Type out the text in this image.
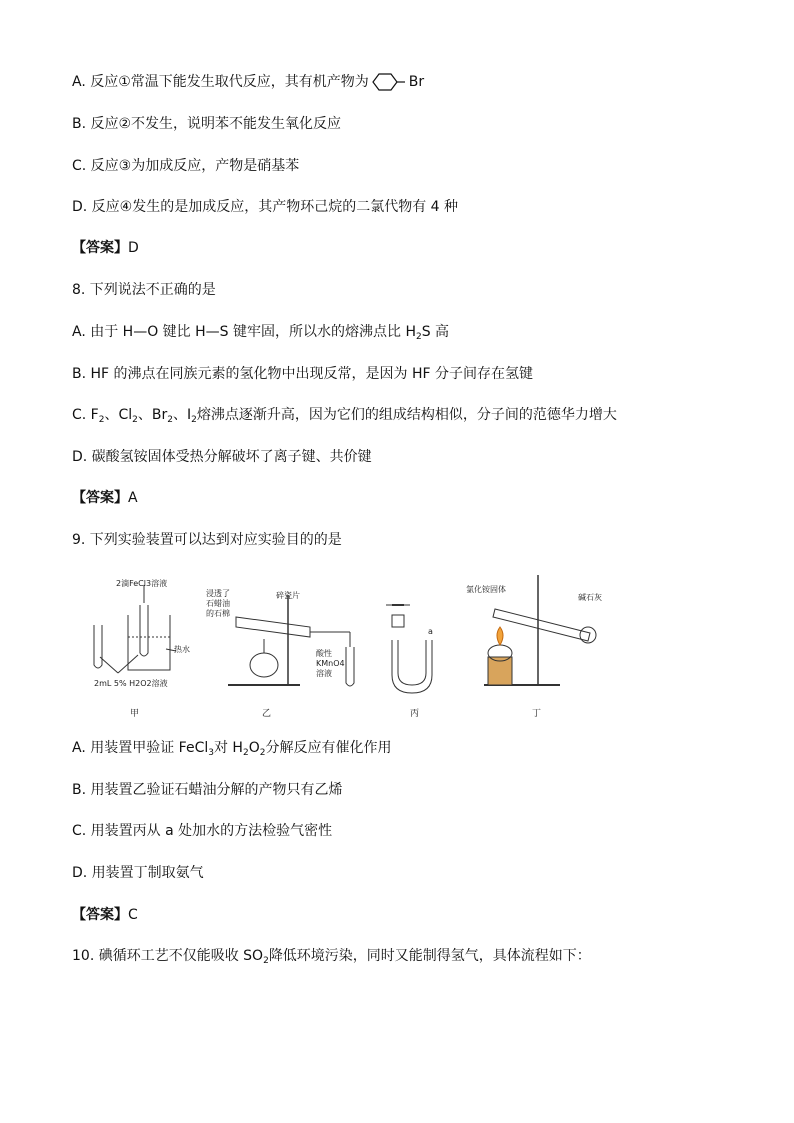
A. 反应①常温下能发生取代反应，其有机产物为	Br
B. 反应②不发生，说明苯不能发生氧化反应
C. 反应③为加成反应，产物是硝基苯
D. 反应④发生的是加成反应，其产物环己烷的二氯代物有 4 种
【答案】D
8. 下列说法不正确的是
A. 由于 H—O 键比 H—S 键牢固，所以水的熔沸点比 $H_2S$ 高
B. HF 的沸点在同族元素的氢化物中出现反常，是因为 HF 分子间存在氢键
C. $F_2$、$Cl_2$、$Br_2$、$I_2$熔沸点逐渐升高，因为它们的组成结构相似，分子间的范德华力增大
D. 碳酸氢铵固体受热分解破坏了离子键、共价键
【答案】A
9. 下列实验装置可以达到对应实验目的的是
2滴FeCl3溶液
热水
2mL 5% H2O2溶液
浸透了
石蜡油
的石棉
碎瓷片
酸性
KMnO4
溶液
a
氯化铵固体
碱石灰
甲	乙	丙	丁
A. 用装置甲验证 FeCl$_3$对 $H_2O_2$分解反应有催化作用
B. 用装置乙验证石蜡油分解的产物只有乙烯
C. 用装置丙从 a 处加水的方法检验气密性
D. 用装置丁制取氨气
【答案】C
10. 碘循环工艺不仅能吸收 $SO_2$降低环境污染，同时又能制得氢气，具体流程如下：
